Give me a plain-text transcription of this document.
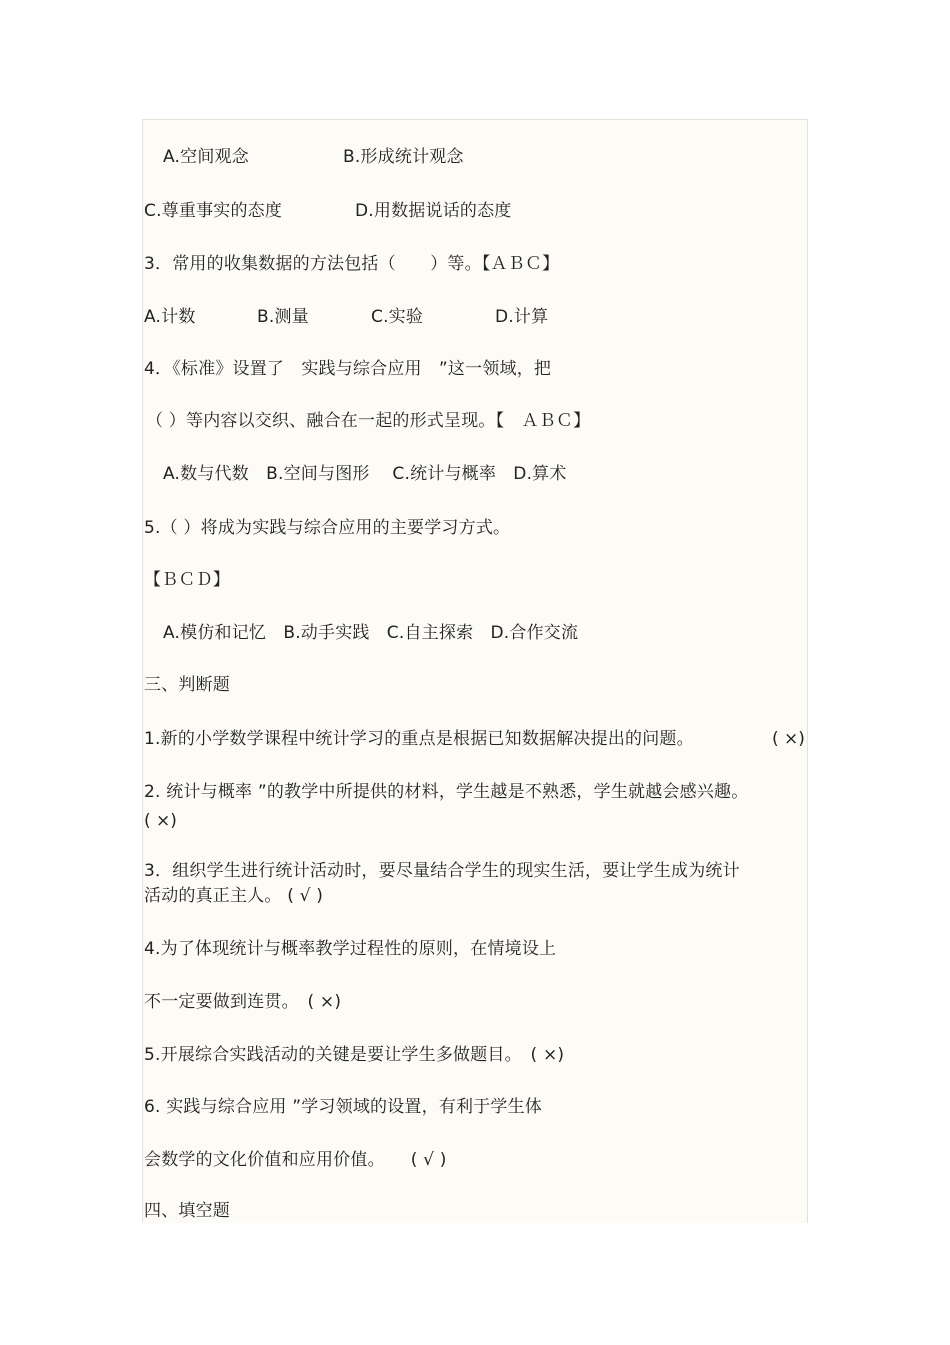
A.空间观念	B.形成统计观念
C.尊重事实的态度	D.用数据说话的态度
3．常用的收集数据的方法包括（　　）等。【ＡＢＣ】
A.计数	B.测量	C.实验	D.计算
4．《标准》设置了　实践与综合应用　”这一领域，把
（ ）等内容以交织、融合在一起的形式呈现。【　ＡＢＣ】
A.数与代数　B.空间与图形　 C.统计与概率　D.算术
5.（ ）将成为实践与综合应用的主要学习方式。
【ＢＣＤ】
A.模仿和记忆　B.动手实践　C.自主探索　D.合作交流
三、判断题
1.新的小学数学课程中统计学习的重点是根据已知数据解决提出的问题。	( ×)
2. 统计与概率 ”的教学中所提供的材料，学生越是不熟悉，学生就越会感兴趣。
( ×)
3．组织学生进行统计活动时，要尽量结合学生的现实生活，要让学生成为统计
活动的真正主人。 ( √ )
4.为了体现统计与概率教学过程性的原则，在情境设上
不一定要做到连贯。　( ×)
5.开展综合实践活动的关键是要让学生多做题目。　( ×)
6. 实践与综合应用 ”学习领域的设置，有利于学生体
会数学的文化价值和应用价值。　　( √ )
四、填空题
